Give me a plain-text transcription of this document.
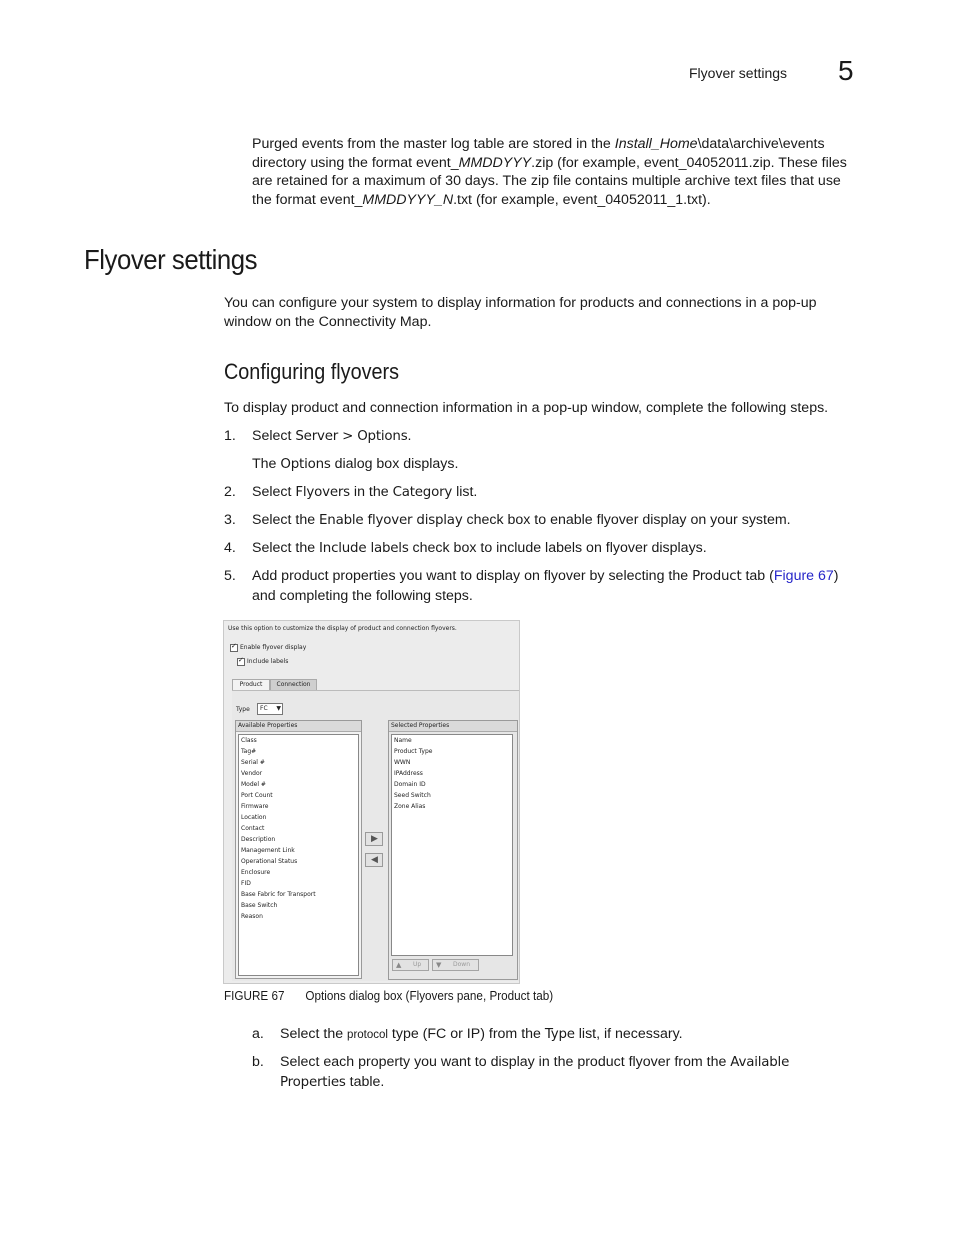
Flyover settings 5
Purged events from the master log table are stored in the Install_Home\data\archive\events
directory using the format event_MMDDYYY.zip (for example, event_04052011.zip. These files
are retained for a maximum of 30 days. The zip file contains multiple archive text files that use
the format event_MMDDYYY_N.txt (for example, event_04052011_1.txt).
Flyover settings
You can configure your system to display information for products and connections in a pop-up
window on the Connectivity Map.
Configuring flyovers
To display product and connection information in a pop-up window, complete the following steps.
1. Select Server > Options.
The Options dialog box displays.
2. Select Flyovers in the Category list.
3. Select the Enable flyover display check box to enable flyover display on your system.
4. Select the Include labels check box to include labels on flyover displays.
5. Add product properties you want to display on flyover by selecting the Product tab (Figure 67)
and completing the following steps.
Use this option to customize the display of product and connection flyovers.
✓
Enable flyover display
✓
Include labels
Product	Connection
Type	FC ▼
Available Properties
Class
Tag#
Serial #
Vendor
Model #
Port Count
Firmware
Location
Contact
Description
Management Link
Operational Status
Enclosure
FID
Base Fabric for Transport
Base Switch
Reason
▶
◀
Selected Properties
Name
Product Type
WWN
IPAddress
Domain ID
Seed Switch
Zone Alias
▲ Up ▼ Down
FIGURE 67 Options dialog box (Flyovers pane, Product tab)
a. Select the protocol type (FC or IP) from the Type list, if necessary.
b. Select each property you want to display in the product flyover from the Available
Properties table.
